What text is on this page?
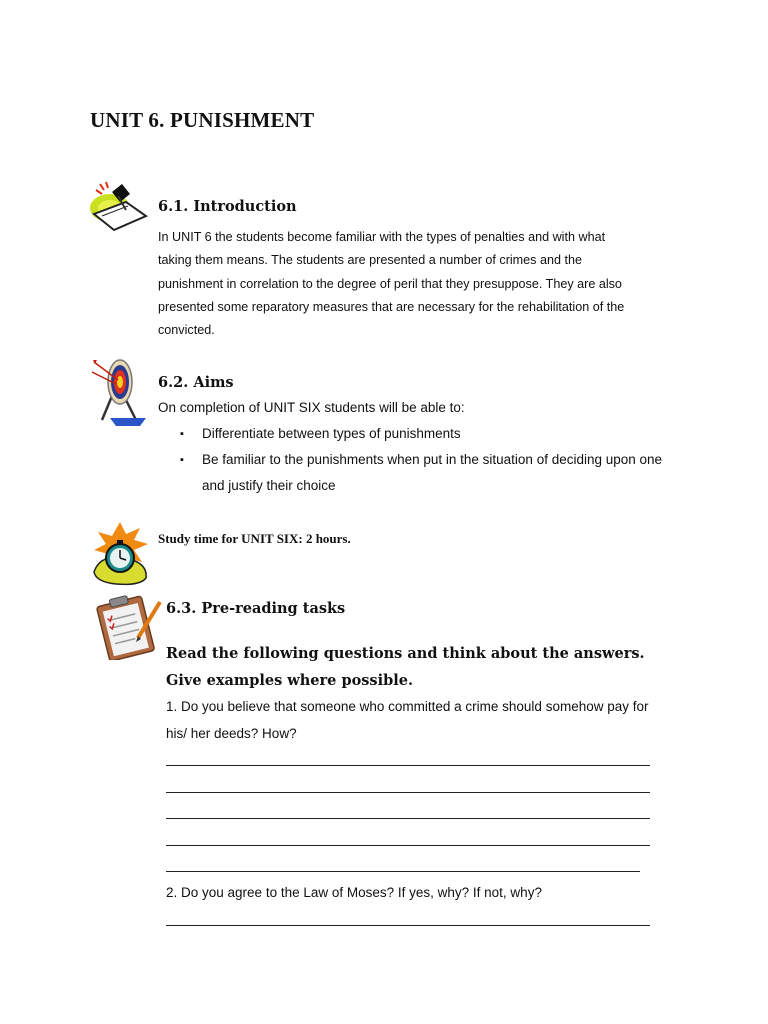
UNIT 6. PUNISHMENT
6.1. Introduction
In UNIT 6 the students become familiar with the types of penalties and with what
taking them means. The students are presented a number of crimes and the
punishment in correlation to the degree of peril that they presuppose. They are also
presented some reparatory measures that are necessary for the rehabilitation of the
convicted.
6.2. Aims
On completion of UNIT SIX students will be able to:
▪ Differentiate between types of punishments
▪ Be familiar to the punishments when put in the situation of deciding upon one and justify their choice
Study time for UNIT SIX: 2 hours.
6.3. Pre-reading tasks
Read the following questions and think about the answers. Give examples where possible.
1. Do you believe that someone who committed a crime should somehow pay for his/ her deeds? How?
2. Do you agree to the Law of Moses? If yes, why? If not, why?
